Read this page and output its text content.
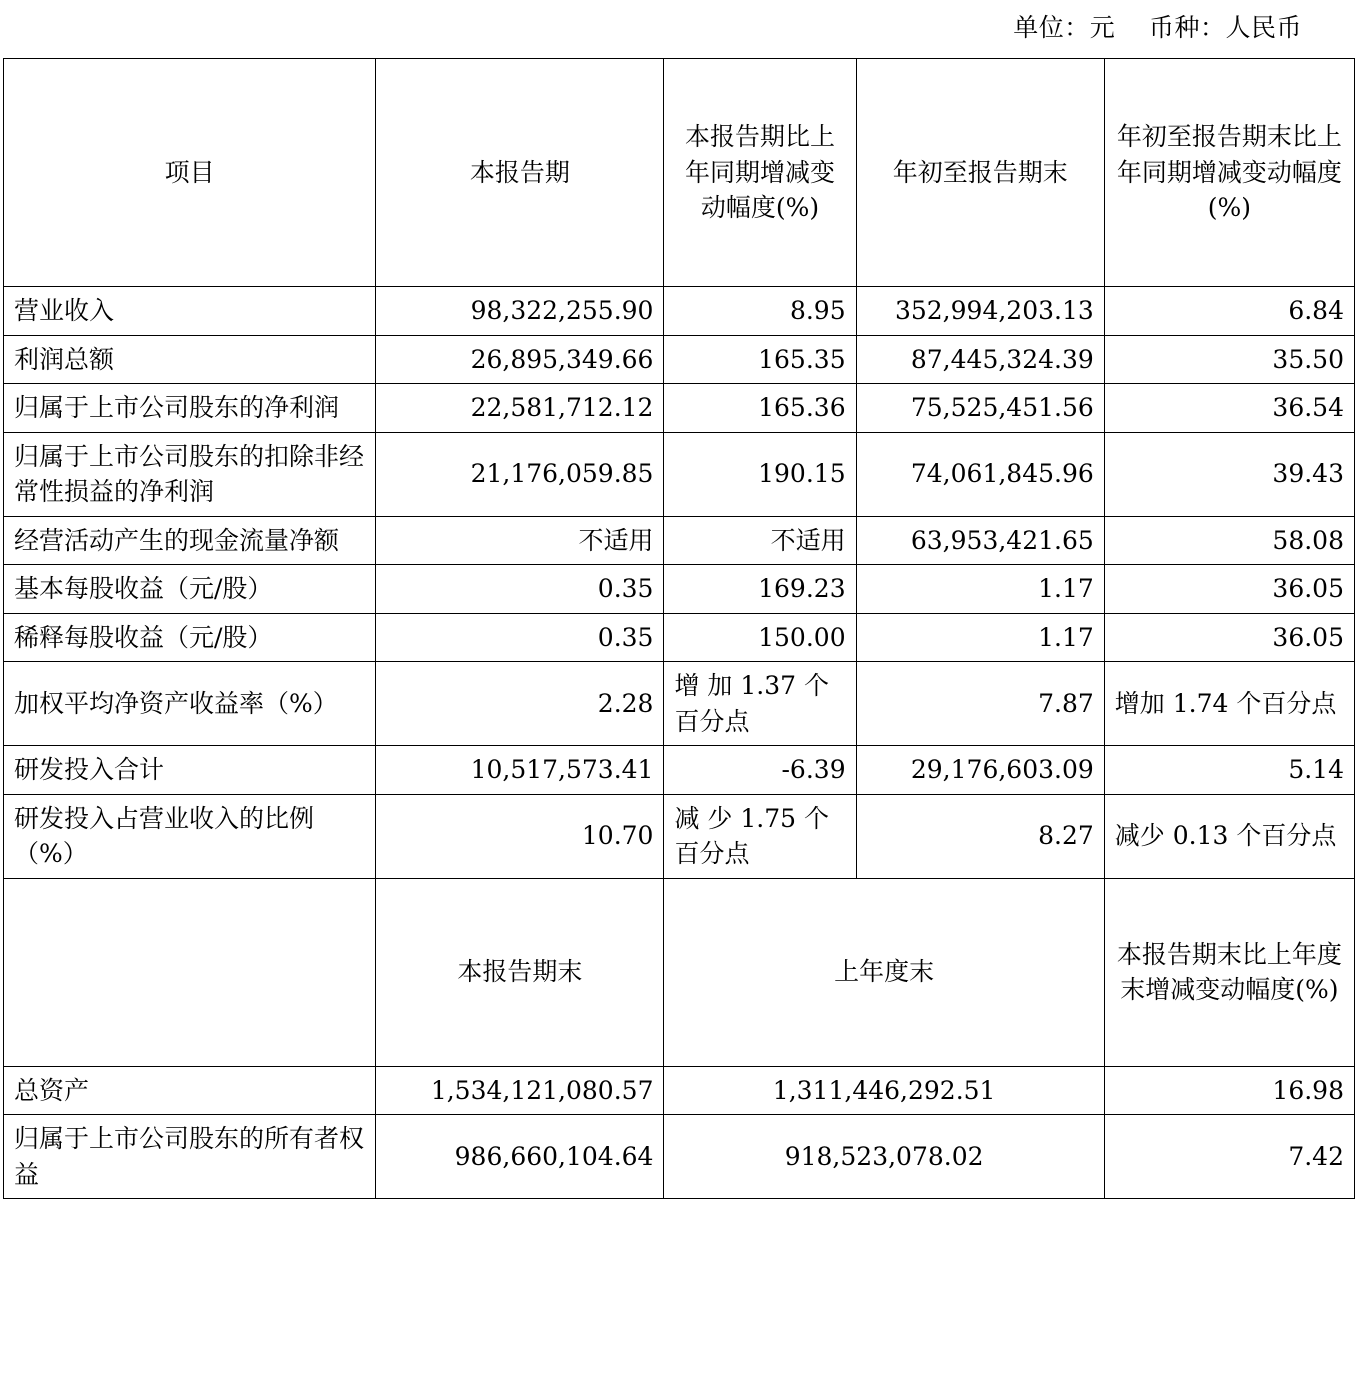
单位：元    币种：人民币
项目	本报告期	本报告期比上年同期增减变动幅度(%)	年初至报告期末	年初至报告期末比上年同期增减变动幅度(%)
营业收入	98,322,255.90	8.95	352,994,203.13	6.84
利润总额	26,895,349.66	165.35	87,445,324.39	35.50
归属于上市公司股东的净利润	22,581,712.12	165.36	75,525,451.56	36.54
归属于上市公司股东的扣除非经常性损益的净利润	21,176,059.85	190.15	74,061,845.96	39.43
经营活动产生的现金流量净额	不适用	不适用	63,953,421.65	58.08
基本每股收益（元/股）	0.35	169.23	1.17	36.05
稀释每股收益（元/股）	0.35	150.00	1.17	36.05
加权平均净资产收益率（%）	2.28	增 加 1.37 个百分点	7.87	增加 1.74 个百分点
研发投入合计	10,517,573.41	-6.39	29,176,603.09	5.14
研发投入占营业收入的比例（%）	10.70	减 少 1.75 个百分点	8.27	减少 0.13 个百分点
	本报告期末	上年度末		本报告期末比上年度末增减变动幅度(%)
总资产	1,534,121,080.57	1,311,446,292.51		16.98
归属于上市公司股东的所有者权益	986,660,104.64	918,523,078.02		7.42
